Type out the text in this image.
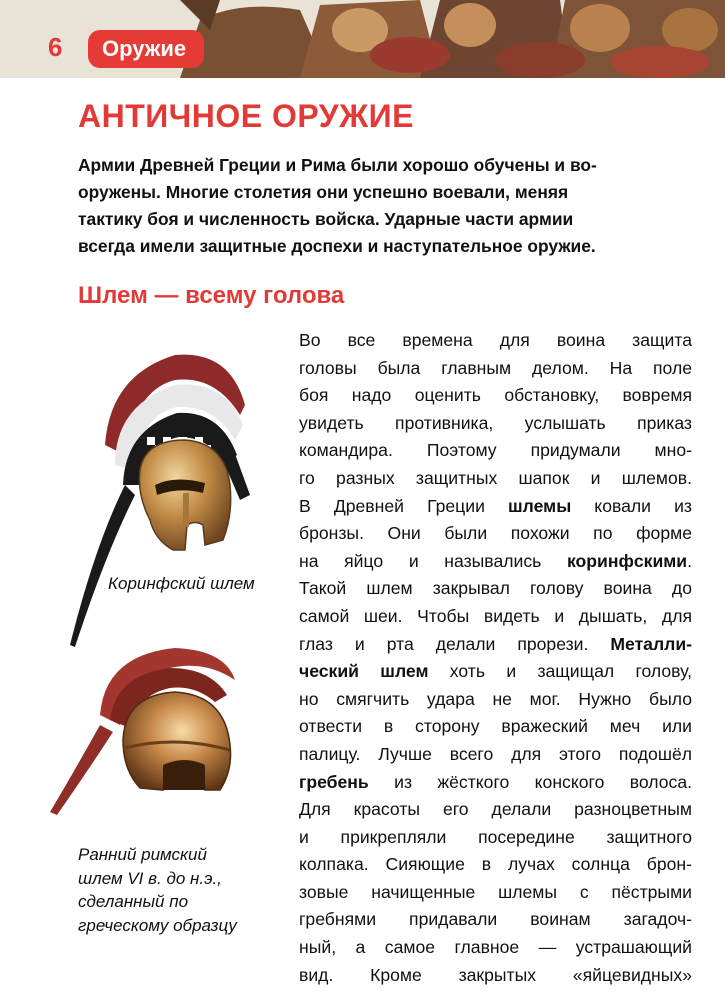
6	Оружие
АНТИЧНОЕ ОРУЖИЕ
Армии Древней Греции и Рима были хорошо обучены и во-
оружены. Многие столетия они успешно воевали, меняя
тактику боя и численность войска. Ударные части армии
всегда имели защитные доспехи и наступательное оружие.
Шлем — всему голова
Коринфский шлем
Ранний римский
шлем VI в. до н.э.,
сделанный по
греческому образцу
Во все времена для воина защита
головы была главным делом. На поле
боя надо оценить обстановку, вовремя
увидеть противника, услышать приказ
командира. Поэтому придумали мно-
го разных защитных шапок и шлемов.
В Древней Греции шлемы ковали из
бронзы. Они были похожи по форме
на яйцо и назывались коринфскими.
Такой шлем закрывал голову воина до
самой шеи. Чтобы видеть и дышать, для
глаз и рта делали прорези. Металли-
ческий шлем хоть и защищал голову,
но смягчить удара не мог. Нужно было
отвести в сторону вражеский меч или
палицу. Лучше всего для этого подошёл
гребень из жёсткого конского волоса.
Для красоты его делали разноцветным
и прикрепляли посередине защитного
колпака. Сияющие в лучах солнца брон-
зовые начищенные шлемы с пёстрыми
гребнями придавали воинам загадоч-
ный, а самое главное — устрашающий
вид. Кроме закрытых «яйцевидных»
